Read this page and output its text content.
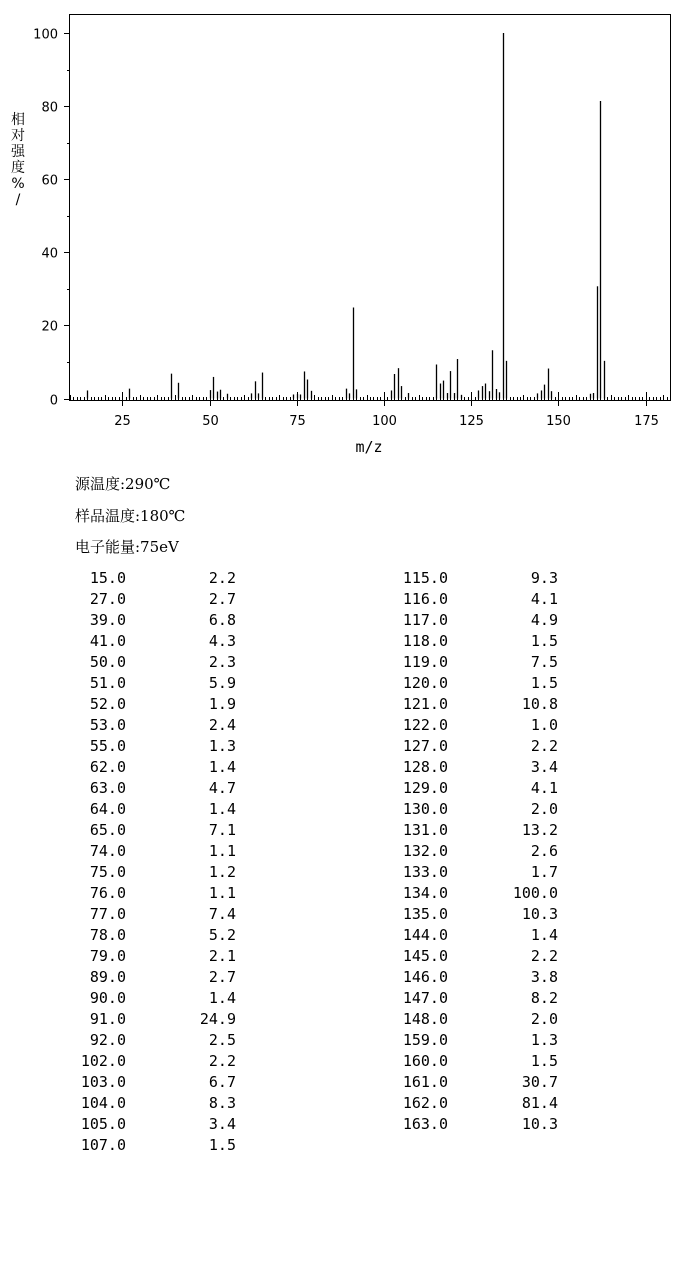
0
20
40
60
80
100
25	50	75	100	125	150	175
m/z
相
对
强
度
%
/
源温度:290℃
样品温度:180℃
电子能量:75eV
15.0	2.2
27.0	2.7
39.0	6.8
41.0	4.3
50.0	2.3
51.0	5.9
52.0	1.9
53.0	2.4
55.0	1.3
62.0	1.4
63.0	4.7
64.0	1.4
65.0	7.1
74.0	1.1
75.0	1.2
76.0	1.1
77.0	7.4
78.0	5.2
79.0	2.1
89.0	2.7
90.0	1.4
91.0	24.9
92.0	2.5
102.0	2.2
103.0	6.7
104.0	8.3
105.0	3.4
107.0	1.5
115.0	9.3
116.0	4.1
117.0	4.9
118.0	1.5
119.0	7.5
120.0	1.5
121.0	10.8
122.0	1.0
127.0	2.2
128.0	3.4
129.0	4.1
130.0	2.0
131.0	13.2
132.0	2.6
133.0	1.7
134.0	100.0
135.0	10.3
144.0	1.4
145.0	2.2
146.0	3.8
147.0	8.2
148.0	2.0
159.0	1.3
160.0	1.5
161.0	30.7
162.0	81.4
163.0	10.3
